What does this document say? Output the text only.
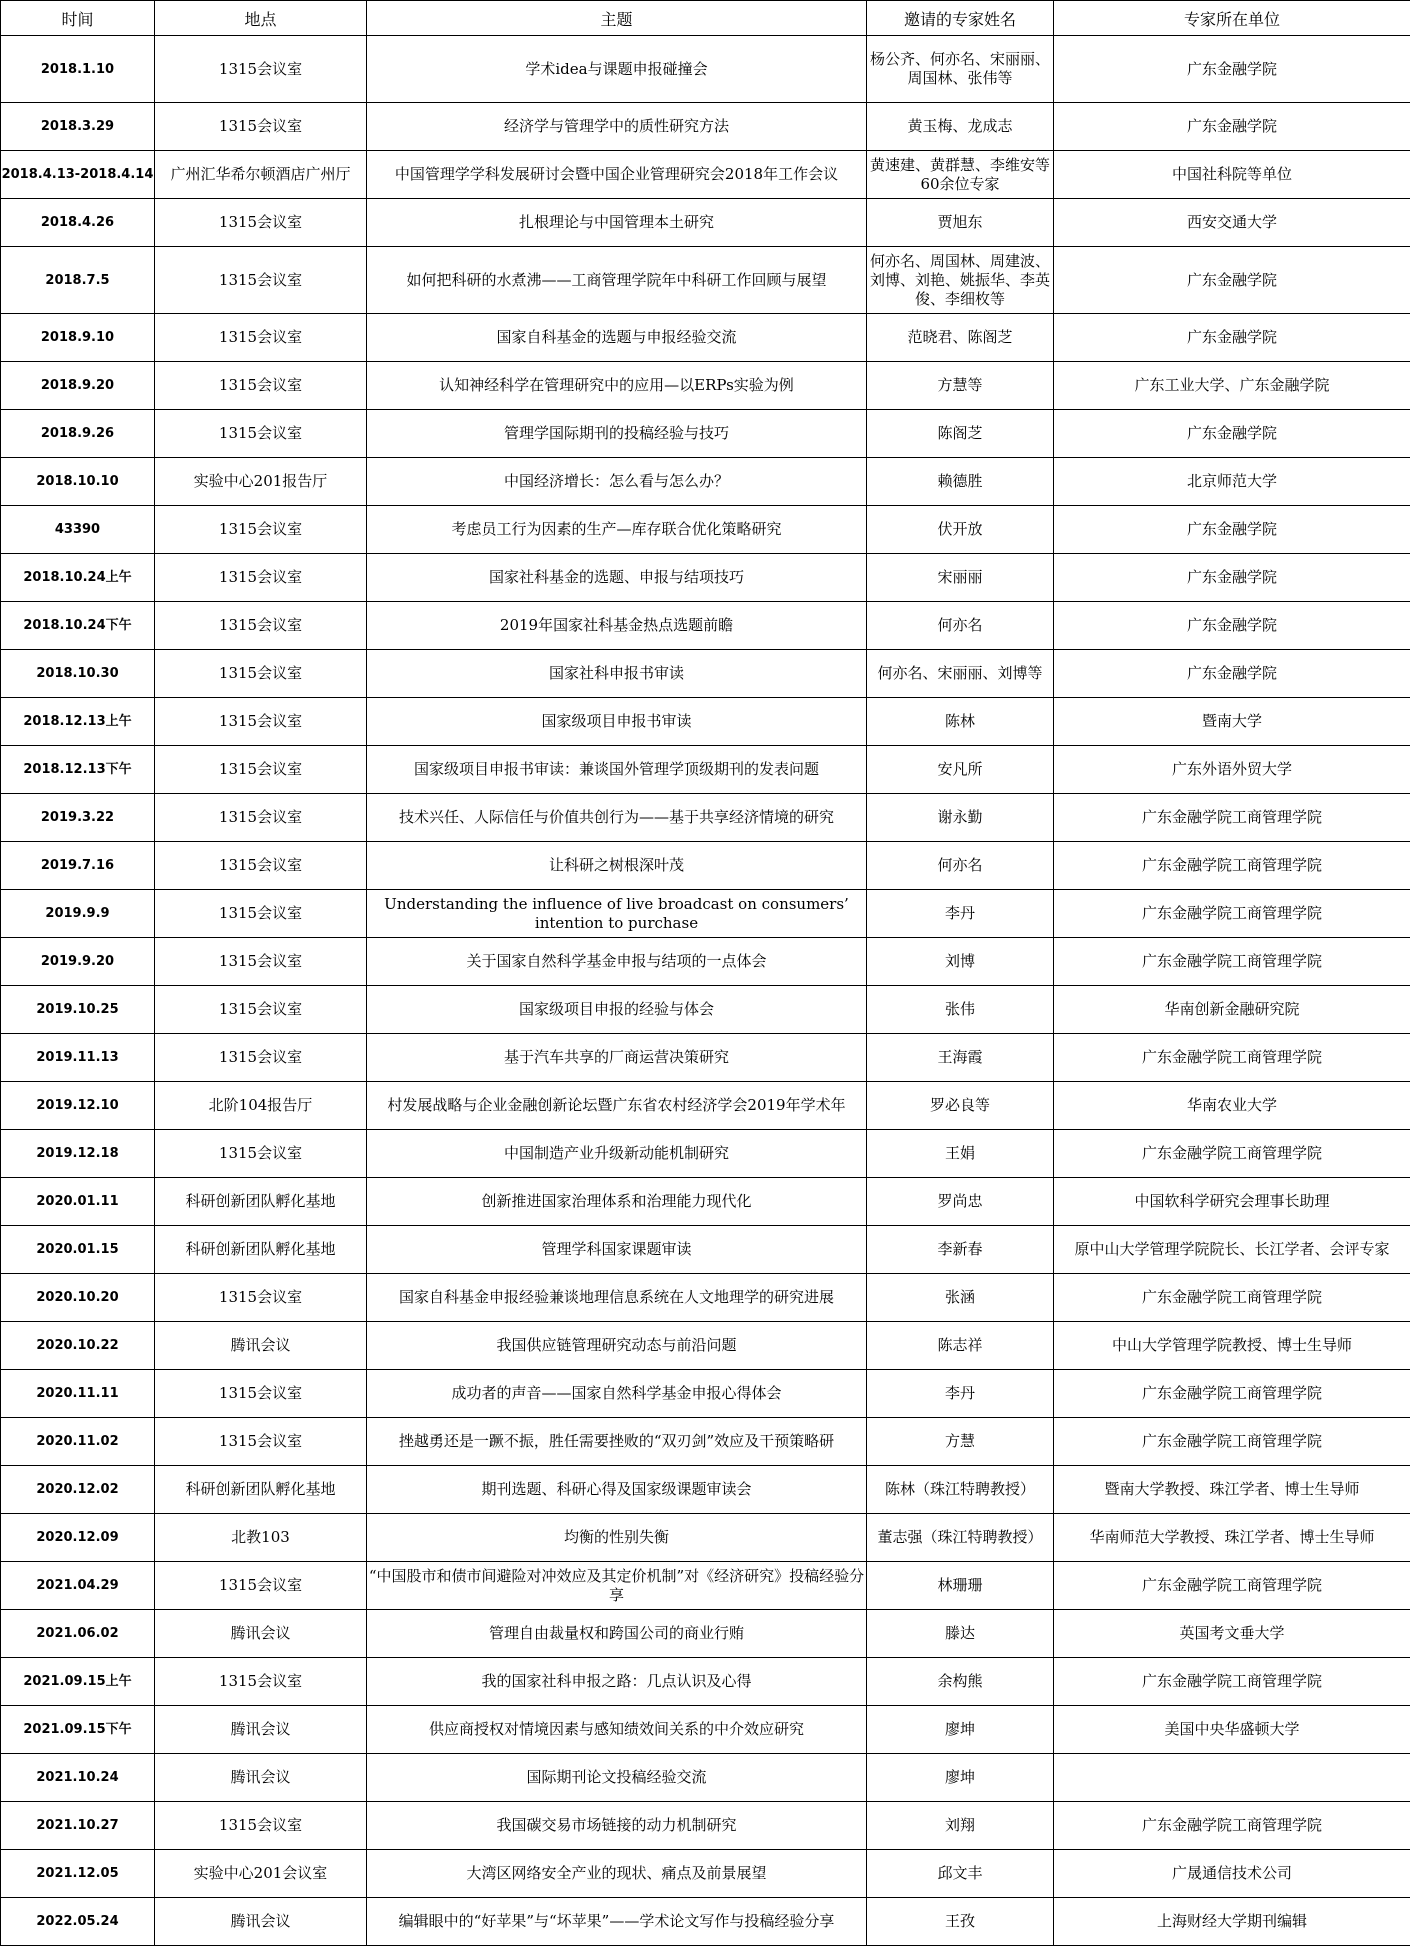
时间	地点	主题	邀请的专家姓名	专家所在单位
2018.1.10	1315会议室	学术idea与课题申报碰撞会	杨公齐、何亦名、宋丽丽、周国林、张伟等	广东金融学院
2018.3.29	1315会议室	经济学与管理学中的质性研究方法	黄玉梅、龙成志	广东金融学院
2018.4.13-2018.4.14	广州汇华希尔顿酒店广州厅	中国管理学学科发展研讨会暨中国企业管理研究会2018年工作会议	黄速建、黄群慧、李维安等60余位专家	中国社科院等单位
2018.4.26	1315会议室	扎根理论与中国管理本土研究	贾旭东	西安交通大学
2018.7.5	1315会议室	如何把科研的水煮沸——工商管理学院年中科研工作回顾与展望	何亦名、周国林、周建波、刘博、刘艳、姚振华、李英俊、李细枚等	广东金融学院
2018.9.10	1315会议室	国家自科基金的选题与申报经验交流	范晓君、陈阁芝	广东金融学院
2018.9.20	1315会议室	认知神经科学在管理研究中的应用—以ERPs实验为例	方慧等	广东工业大学、广东金融学院
2018.9.26	1315会议室	管理学国际期刊的投稿经验与技巧	陈阁芝	广东金融学院
2018.10.10	实验中心201报告厅	中国经济增长：怎么看与怎么办？	赖德胜	北京师范大学
43390	1315会议室	考虑员工行为因素的生产—库存联合优化策略研究	伏开放	广东金融学院
2018.10.24上午	1315会议室	国家社科基金的选题、申报与结项技巧	宋丽丽	广东金融学院
2018.10.24下午	1315会议室	2019年国家社科基金热点选题前瞻	何亦名	广东金融学院
2018.10.30	1315会议室	国家社科申报书审读	何亦名、宋丽丽、刘博等	广东金融学院
2018.12.13上午	1315会议室	国家级项目申报书审读	陈林	暨南大学
2018.12.13下午	1315会议室	国家级项目申报书审读：兼谈国外管理学顶级期刊的发表问题	安凡所	广东外语外贸大学
2019.3.22	1315会议室	技术兴任、人际信任与价值共创行为——基于共享经济情境的研究	谢永勤	广东金融学院工商管理学院
2019.7.16	1315会议室	让科研之树根深叶茂	何亦名	广东金融学院工商管理学院
2019.9.9	1315会议室	Understanding the influence of live broadcast on consumers’ intention to purchase	李丹	广东金融学院工商管理学院
2019.9.20	1315会议室	关于国家自然科学基金申报与结项的一点体会	刘博	广东金融学院工商管理学院
2019.10.25	1315会议室	国家级项目申报的经验与体会	张伟	华南创新金融研究院
2019.11.13	1315会议室	基于汽车共享的厂商运营决策研究	王海霞	广东金融学院工商管理学院
2019.12.10	北阶104报告厅	村发展战略与企业金融创新论坛暨广东省农村经济学会2019年学术年	罗必良等	华南农业大学
2019.12.18	1315会议室	中国制造产业升级新动能机制研究	王娟	广东金融学院工商管理学院
2020.01.11	科研创新团队孵化基地	创新推进国家治理体系和治理能力现代化	罗尚忠	中国软科学研究会理事长助理
2020.01.15	科研创新团队孵化基地	管理学科国家课题审读	李新春	原中山大学管理学院院长、长江学者、会评专家
2020.10.20	1315会议室	国家自科基金申报经验兼谈地理信息系统在人文地理学的研究进展	张涵	广东金融学院工商管理学院
2020.10.22	腾讯会议	我国供应链管理研究动态与前沿问题	陈志祥	中山大学管理学院教授、博士生导师
2020.11.11	1315会议室	成功者的声音——国家自然科学基金申报心得体会	李丹	广东金融学院工商管理学院
2020.11.02	1315会议室	挫越勇还是一蹶不振，胜任需要挫败的“双刃剑”效应及干预策略研	方慧	广东金融学院工商管理学院
2020.12.02	科研创新团队孵化基地	期刊选题、科研心得及国家级课题审读会	陈林（珠江特聘教授）	暨南大学教授、珠江学者、博士生导师
2020.12.09	北教103	均衡的性别失衡	董志强（珠江特聘教授）	华南师范大学教授、珠江学者、博士生导师
2021.04.29	1315会议室	“中国股市和债市间避险对冲效应及其定价机制”对《经济研究》投稿经验分享	林珊珊	广东金融学院工商管理学院
2021.06.02	腾讯会议	管理自由裁量权和跨国公司的商业行贿	滕达	英国考文垂大学
2021.09.15上午	1315会议室	我的国家社科申报之路：几点认识及心得	余构熊	广东金融学院工商管理学院
2021.09.15下午	腾讯会议	供应商授权对情境因素与感知绩效间关系的中介效应研究	廖坤	美国中央华盛顿大学
2021.10.24	腾讯会议	国际期刊论文投稿经验交流	廖坤	
2021.10.27	1315会议室	我国碳交易市场链接的动力机制研究	刘翔	广东金融学院工商管理学院
2021.12.05	实验中心201会议室	大湾区网络安全产业的现状、痛点及前景展望	邱文丰	广晟通信技术公司
2022.05.24	腾讯会议	编辑眼中的“好苹果”与“坏苹果”——学术论文写作与投稿经验分享	王孜	上海财经大学期刊编辑
